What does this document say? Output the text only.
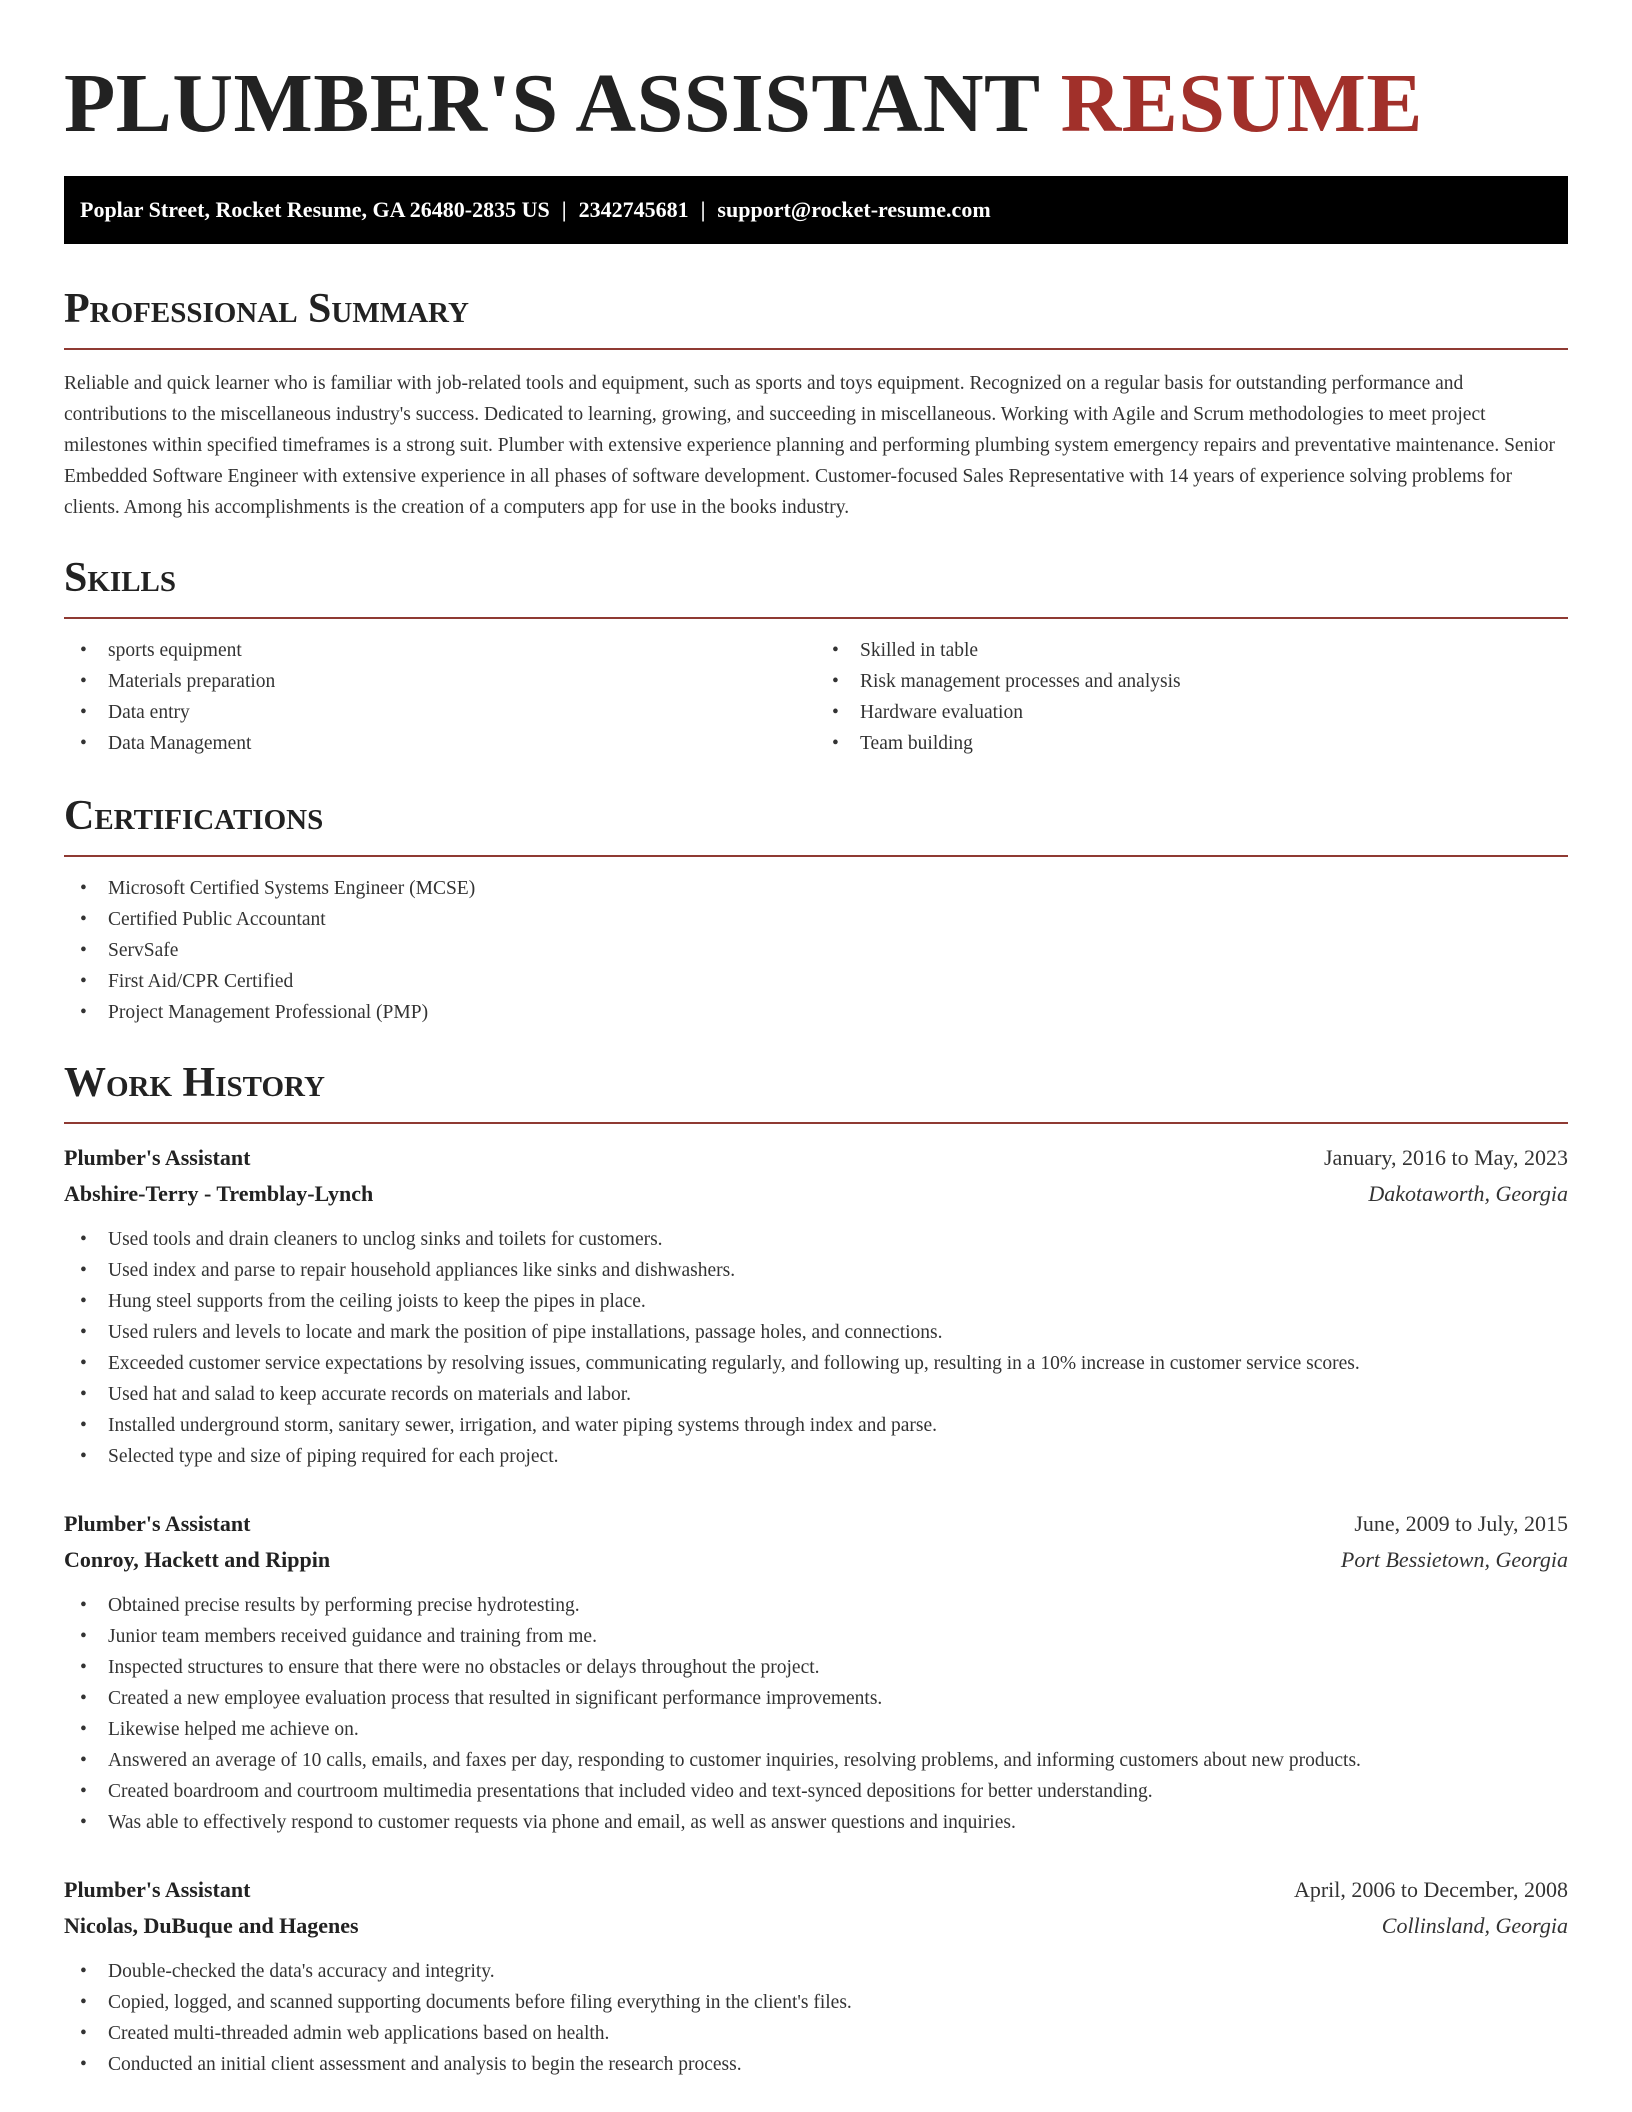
PLUMBER'S ASSISTANT RESUME
Poplar Street, Rocket Resume, GA 26480-2835 US | 2342745681 | support@rocket-resume.com
Professional Summary

Reliable and quick learner who is familiar with job-related tools and equipment, such as sports and toys equipment. Recognized on a regular basis for outstanding performance and contributions to the miscellaneous industry's success. Dedicated to learning, growing, and succeeding in miscellaneous. Working with Agile and Scrum methodologies to meet project milestones within specified timeframes is a strong suit. Plumber with extensive experience planning and performing plumbing system emergency repairs and preventative maintenance. Senior Embedded Software Engineer with extensive experience in all phases of software development. Customer-focused Sales Representative with 14 years of experience solving problems for clients. Among his accomplishments is the creation of a computers app for use in the books industry.

Skills
• sports equipment
• Materials preparation
• Data entry
• Data Management
• Skilled in table
• Risk management processes and analysis
• Hardware evaluation
• Team building
Certifications
• Microsoft Certified Systems Engineer (MCSE)
• Certified Public Accountant
• ServSafe
• First Aid/CPR Certified
• Project Management Professional (PMP)
Work History
Plumber's Assistant	January, 2016 to May, 2023
Abshire-Terry - Tremblay-Lynch	Dakotaworth, Georgia
• Used tools and drain cleaners to unclog sinks and toilets for customers.
• Used index and parse to repair household appliances like sinks and dishwashers.
• Hung steel supports from the ceiling joists to keep the pipes in place.
• Used rulers and levels to locate and mark the position of pipe installations, passage holes, and connections.
• Exceeded customer service expectations by resolving issues, communicating regularly, and following up, resulting in a 10% increase in customer service scores.
• Used hat and salad to keep accurate records on materials and labor.
• Installed underground storm, sanitary sewer, irrigation, and water piping systems through index and parse.
• Selected type and size of piping required for each project.
Plumber's Assistant	June, 2009 to July, 2015
Conroy, Hackett and Rippin	Port Bessietown, Georgia
• Obtained precise results by performing precise hydrotesting.
• Junior team members received guidance and training from me.
• Inspected structures to ensure that there were no obstacles or delays throughout the project.
• Created a new employee evaluation process that resulted in significant performance improvements.
• Likewise helped me achieve on.
• Answered an average of 10 calls, emails, and faxes per day, responding to customer inquiries, resolving problems, and informing customers about new products.
• Created boardroom and courtroom multimedia presentations that included video and text-synced depositions for better understanding.
• Was able to effectively respond to customer requests via phone and email, as well as answer questions and inquiries.
Plumber's Assistant	April, 2006 to December, 2008
Nicolas, DuBuque and Hagenes	Collinsland, Georgia
• Double-checked the data's accuracy and integrity.
• Copied, logged, and scanned supporting documents before filing everything in the client's files.
• Created multi-threaded admin web applications based on health.
• Conducted an initial client assessment and analysis to begin the research process.
